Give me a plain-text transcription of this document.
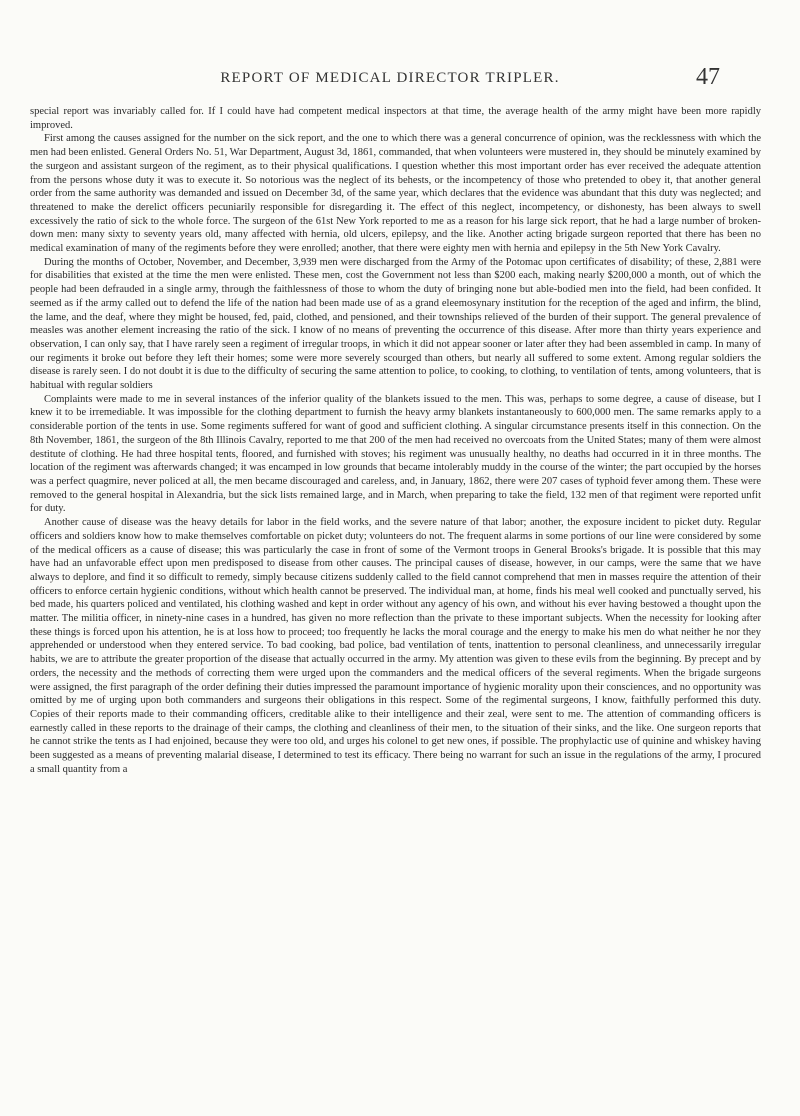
REPORT OF MEDICAL DIRECTOR TRIPLER.	47

special report was invariably called for. If I could have had competent medical inspectors at that time, the average health of the army might have been more rapidly improved.

First among the causes assigned for the number on the sick report, and the one to which there was a general concurrence of opinion, was the recklessness with which the men had been enlisted. General Orders No. 51, War Department, August 3d, 1861, commanded, that when volunteers were mustered in, they should be minutely examined by the surgeon and assistant surgeon of the regiment, as to their physical qualifications. I question whether this most important order has ever received the adequate attention from the persons whose duty it was to execute it. So notorious was the neglect of its behests, or the incompetency of those who pretended to obey it, that another general order from the same authority was demanded and issued on December 3d, of the same year, which declares that the evidence was abundant that this duty was neglected; and threatened to make the derelict officers pecuniarily responsible for disregarding it. The effect of this neglect, incompetency, or dishonesty, has been always to swell excessively the ratio of sick to the whole force. The surgeon of the 61st New York reported to me as a reason for his large sick report, that he had a large number of broken-down men: many sixty to seventy years old, many affected with hernia, old ulcers, epilepsy, and the like. Another acting brigade surgeon reported that there has been no medical examination of many of the regiments before they were enrolled; another, that there were eighty men with hernia and epilepsy in the 5th New York Cavalry.

During the months of October, November, and December, 3,939 men were discharged from the Army of the Potomac upon certificates of disability; of these, 2,881 were for disabilities that existed at the time the men were enlisted. These men, cost the Government not less than $200 each, making nearly $200,000 a month, out of which the people had been defrauded in a single army, through the faithlessness of those to whom the duty of bringing none but able-bodied men into the field, had been confided. It seemed as if the army called out to defend the life of the nation had been made use of as a grand eleemosynary institution for the reception of the aged and infirm, the blind, the lame, and the deaf, where they might be housed, fed, paid, clothed, and pensioned, and their townships relieved of the burden of their support. The general prevalence of measles was another element increasing the ratio of the sick. I know of no means of preventing the occurrence of this disease. After more than thirty years experience and observation, I can only say, that I have rarely seen a regiment of irregular troops, in which it did not appear sooner or later after they had been assembled in camp. In many of our regiments it broke out before they left their homes; some were more severely scourged than others, but nearly all suffered to some extent. Among regular soldiers the disease is rarely seen. I do not doubt it is due to the difficulty of securing the same attention to police, to cooking, to clothing, to ventilation of tents, among volunteers, that is habitual with regular soldiers

Complaints were made to me in several instances of the inferior quality of the blankets issued to the men. This was, perhaps to some degree, a cause of disease, but I knew it to be irremediable. It was impossible for the clothing department to furnish the heavy army blankets instantaneously to 600,000 men. The same remarks apply to a considerable portion of the tents in use. Some regiments suffered for want of good and sufficient clothing. A singular circumstance presents itself in this connection. On the 8th November, 1861, the surgeon of the 8th Illinois Cavalry, reported to me that 200 of the men had received no overcoats from the United States; many of them were almost destitute of clothing. He had three hospital tents, floored, and furnished with stoves; his regiment was unusually healthy, no deaths had occurred in it in three months. The location of the regiment was afterwards changed; it was encamped in low grounds that became intolerably muddy in the course of the winter; the part occupied by the horses was a perfect quagmire, never policed at all, the men became discouraged and careless, and, in January, 1862, there were 207 cases of typhoid fever among them. These were removed to the general hospital in Alexandria, but the sick lists remained large, and in March, when preparing to take the field, 132 men of that regiment were reported unfit for duty.

Another cause of disease was the heavy details for labor in the field works, and the severe nature of that labor; another, the exposure incident to picket duty. Regular officers and soldiers know how to make themselves comfortable on picket duty; volunteers do not. The frequent alarms in some portions of our line were considered by some of the medical officers as a cause of disease; this was particularly the case in front of some of the Vermont troops in General Brooks's brigade. It is possible that this may have had an unfavorable effect upon men predisposed to disease from other causes. The principal causes of disease, however, in our camps, were the same that we have always to deplore, and find it so difficult to remedy, simply because citizens suddenly called to the field cannot comprehend that men in masses require the attention of their officers to enforce certain hygienic conditions, without which health cannot be preserved. The individual man, at home, finds his meal well cooked and punctually served, his bed made, his quarters policed and ventilated, his clothing washed and kept in order without any agency of his own, and without his ever having bestowed a thought upon the matter. The militia officer, in ninety-nine cases in a hundred, has given no more reflection than the private to these important subjects. When the necessity for looking after these things is forced upon his attention, he is at loss how to proceed; too frequently he lacks the moral courage and the energy to make his men do what neither he nor they apprehended or understood when they entered service. To bad cooking, bad police, bad ventilation of tents, inattention to personal cleanliness, and unnecessarily irregular habits, we are to attribute the greater proportion of the disease that actually occurred in the army. My attention was given to these evils from the beginning. By precept and by orders, the necessity and the methods of correcting them were urged upon the commanders and the medical officers of the several regiments. When the brigade surgeons were assigned, the first paragraph of the order defining their duties impressed the paramount importance of hygienic morality upon their consciences, and no opportunity was omitted by me of urging upon both commanders and surgeons their obligations in this respect. Some of the regimental surgeons, I know, faithfully performed this duty. Copies of their reports made to their commanding officers, creditable alike to their intelligence and their zeal, were sent to me. The attention of commanding officers is earnestly called in these reports to the drainage of their camps, the clothing and cleanliness of their men, to the situation of their sinks, and the like. One surgeon reports that he cannot strike the tents as I had enjoined, because they were too old, and urges his colonel to get new ones, if possible. The prophylactic use of quinine and whiskey having been suggested as a means of preventing malarial disease, I determined to test its efficacy. There being no warrant for such an issue in the regulations of the army, I procured a small quantity from a
